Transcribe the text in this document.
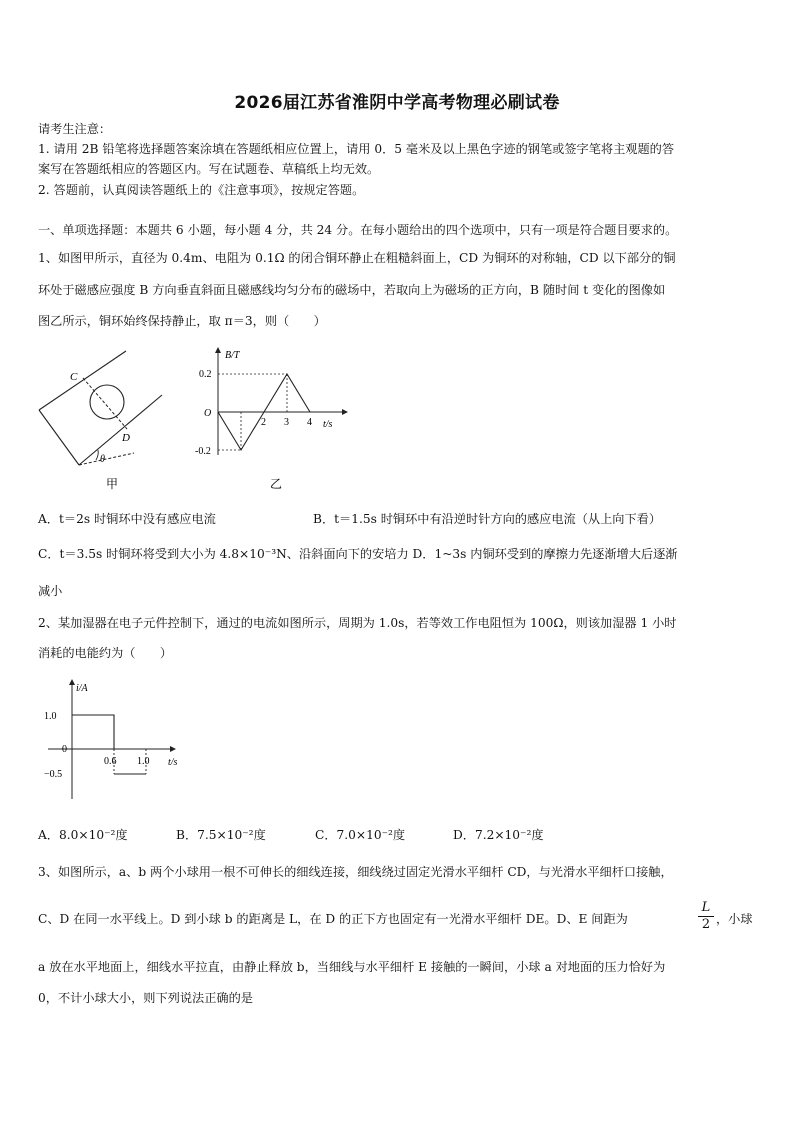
2026届江苏省淮阴中学高考物理必刷试卷
请考生注意：
1. 请用 2B 铅笔将选择题答案涂填在答题纸相应位置上，请用 0．5 毫米及以上黑色字迹的钢笔或签字笔将主观题的答
案写在答题纸相应的答题区内。写在试题卷、草稿纸上均无效。
2. 答题前，认真阅读答题纸上的《注意事项》，按规定答题。
一、单项选择题：本题共 6 小题，每小题 4 分，共 24 分。在每小题给出的四个选项中，只有一项是符合题目要求的。
1、如图甲所示，直径为 0.4m、电阻为 0.1Ω 的闭合铜环静止在粗糙斜面上，CD 为铜环的对称轴，CD 以下部分的铜
环处于磁感应强度 B 方向垂直斜面且磁感线均匀分布的磁场中，若取向上为磁场的正方向，B 随时间 t 变化的图像如
图乙所示，铜环始终保持静止，取 π＝3，则（　　）
C
D
θ
甲
B/T
t/s
O
0.2
-0.2
2 3 4
乙
A．t＝2s 时铜环中没有感应电流	B．t＝1.5s 时铜环中有沿逆时针方向的感应电流（从上向下看）
C．t＝3.5s 时铜环将受到大小为 4.8×10⁻³N、沿斜面向下的安培力 D．1~3s 内铜环受到的摩擦力先逐渐增大后逐渐
减小
2、某加湿器在电子元件控制下，通过的电流如图所示，周期为 1.0s，若等效工作电阻恒为 100Ω，则该加湿器 1 小时
消耗的电能约为（　　）
i/A
t/s
0
1.0
−0.5
0.6 1.0
A．8.0×10⁻²度	B．7.5×10⁻²度	C．7.0×10⁻²度	D．7.2×10⁻²度
3、如图所示，a、b 两个小球用一根不可伸长的细线连接，细线绕过固定光滑水平细杆 CD，与光滑水平细杆口接触，
C、D 在同一水平线上。D 到小球 b 的距离是 L，在 D 的正下方也固定有一光滑水平细杆 DE。D、E 间距为	$\frac{L}{2}$ ，小球
a 放在水平地面上，细线水平拉直，由静止释放 b，当细线与水平细杆 E 接触的一瞬间，小球 a 对地面的压力恰好为
0，不计小球大小，则下列说法正确的是
